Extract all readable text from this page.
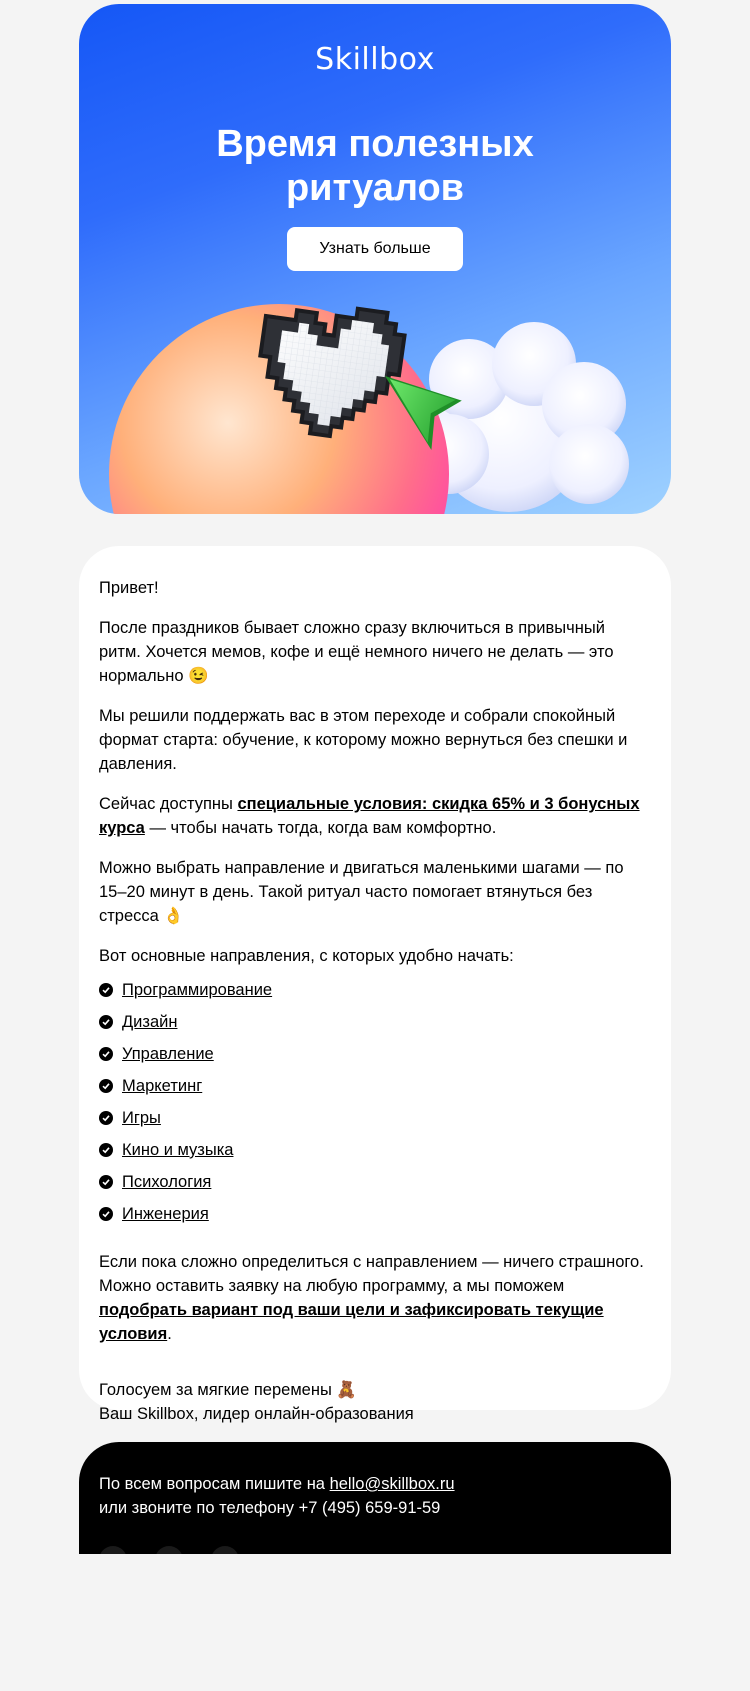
Skillbox
Время полезных
ритуалов
Узнать больше

Привет!

После праздников бывает сложно сразу включиться в привычный ритм. Хочется мемов, кофе и ещё немного ничего не делать — это нормально 😉

Мы решили поддержать вас в этом переходе и собрали спокойный формат старта: обучение, к которому можно вернуться без спешки и давления.

Сейчас доступны специальные условия: скидка 65% и 3 бонусных курса — чтобы начать тогда, когда вам комфортно.

Можно выбрать направление и двигаться маленькими шагами — по 15–20 минут в день. Такой ритуал часто помогает втянуться без стресса 👌

Вот основные направления, с которых удобно начать:

Программирование
Дизайн
Управление
Маркетинг
Игры
Кино и музыка
Психология
Инженерия

Если пока сложно определиться с направлением — ничего страшного. Можно оставить заявку на любую программу, а мы поможем подобрать вариант под ваши цели и зафиксировать текущие условия.

Голосуем за мягкие перемены 🧸
Ваш Skillbox, лидер онлайн-образования
По всем вопросам пишите на hello@skillbox.ru
или звоните по телефону +7 (495) 659-91-59
